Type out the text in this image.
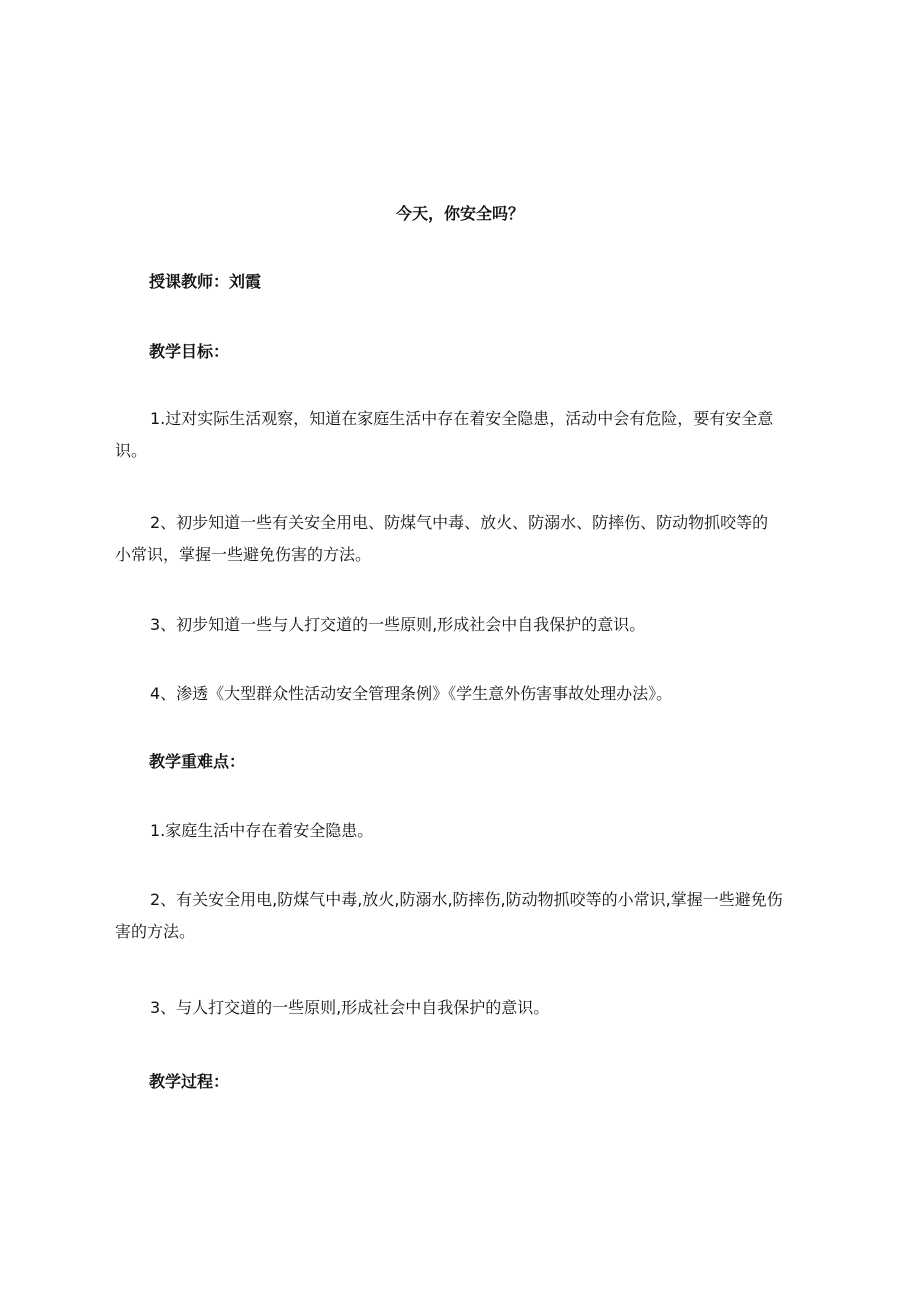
今天，你安全吗？
授课教师：刘霞
教学目标：
1.过对实际生活观察，知道在家庭生活中存在着安全隐患，活动中会有危险，要有安全意
识。
2、初步知道一些有关安全用电、防煤气中毒、放火、防溺水、防摔伤、防动物抓咬等的
小常识，掌握一些避免伤害的方法。
3、初步知道一些与人打交道的一些原则,形成社会中自我保护的意识。
4、渗透《大型群众性活动安全管理条例》《学生意外伤害事故处理办法》。
教学重难点：
1.家庭生活中存在着安全隐患。
2、有关安全用电,防煤气中毒,放火,防溺水,防摔伤,防动物抓咬等的小常识,掌握一些避免伤
害的方法。
3、与人打交道的一些原则,形成社会中自我保护的意识。
教学过程：
